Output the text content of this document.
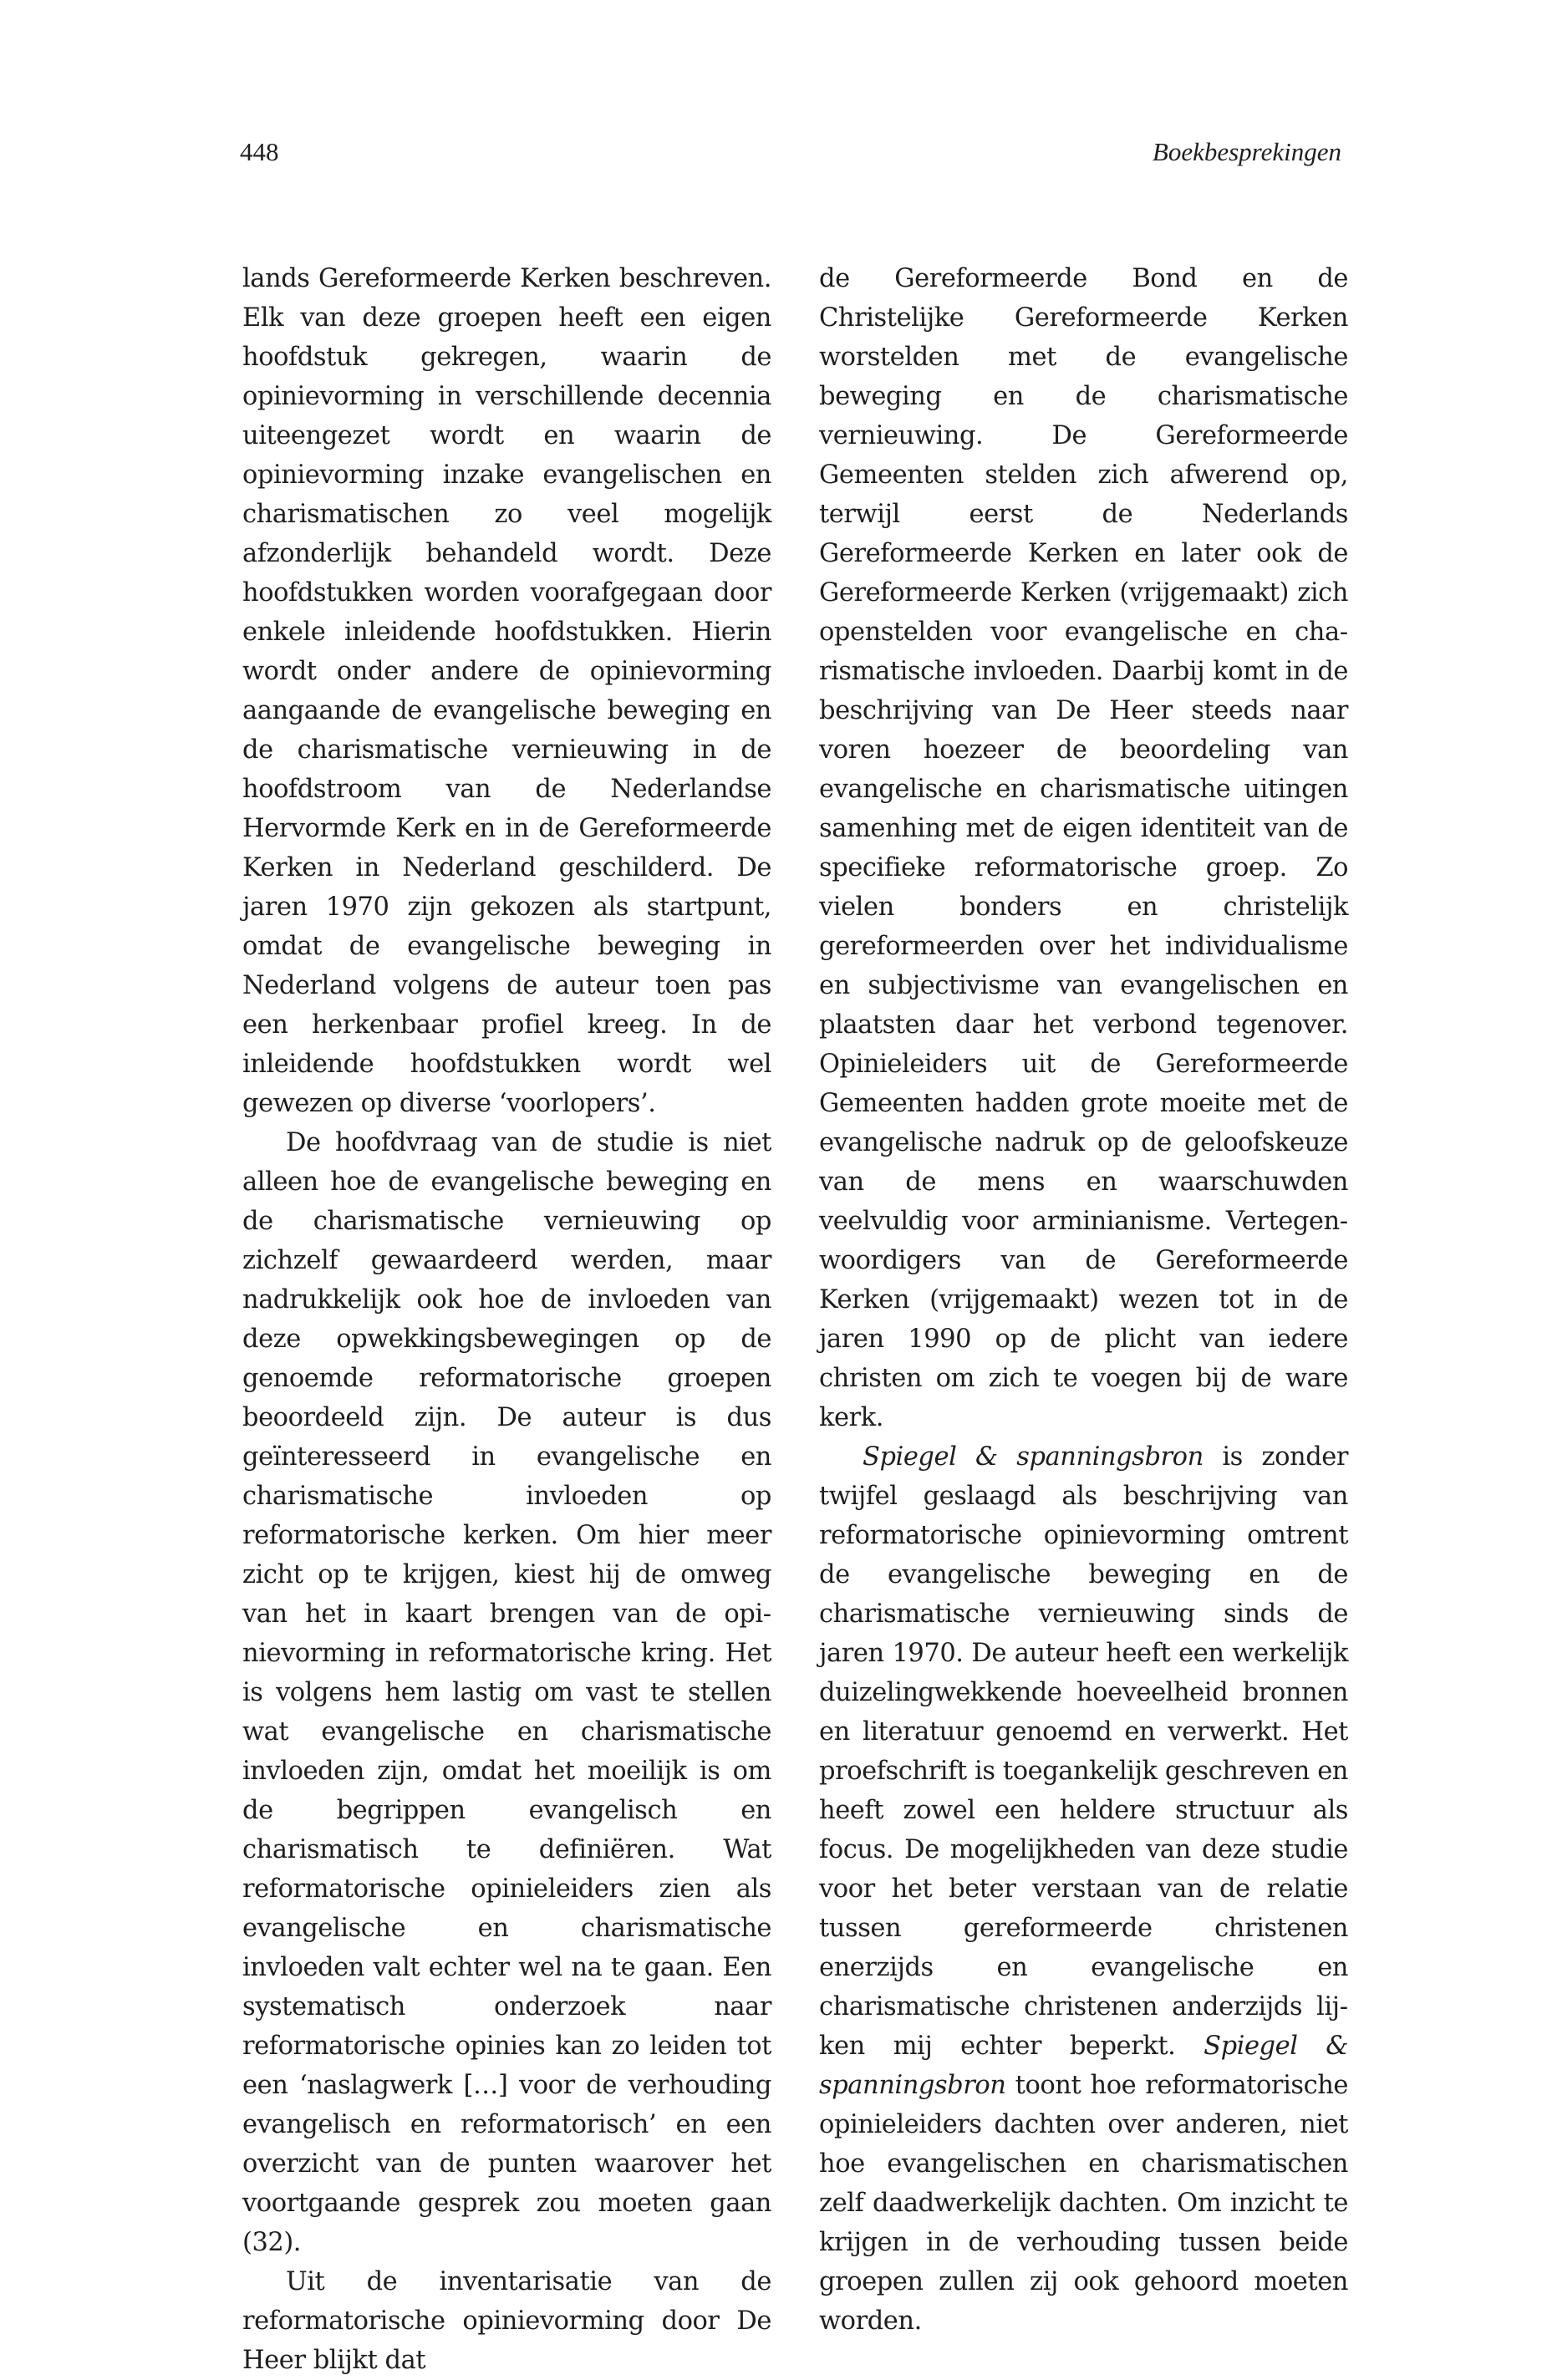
448	Boekbesprekingen

lands Gereformeerde Kerken beschreven. Elk van deze groepen heeft een eigen hoofdstuk gekregen, waarin de opinievorming in verschillende decennia uiteengezet wordt en waarin de opinievorming inzake evangelischen en charismatischen zo veel mogelijk afzonderlijk behandeld wordt. Deze hoofdstukken worden voorafgegaan door enkele inleidende hoofdstukken. Hierin wordt onder andere de opinievorming aangaande de evangelische beweging en de charismatische vernieuwing in de hoofdstroom van de Nederlandse Hervormde Kerk en in de Gereformeerde Kerken in Nederland geschilderd. De jaren 1970 zijn gekozen als startpunt, omdat de evangelische beweging in Nederland volgens de auteur toen pas een herkenbaar profiel kreeg. In de inleidende hoofdstukken wordt wel gewezen op diverse ‘voorlopers’.

De hoofdvraag van de studie is niet alleen hoe de evangelische beweging en de charismatische vernieuwing op zichzelf gewaardeerd werden, maar nadrukkelijk ook hoe de invloeden van deze opwekkingsbewegingen op de genoemde reformatorische groepen beoordeeld zijn. De auteur is dus geïnteresseerd in evangelische en charismatische invloeden op reformatorische kerken. Om hier meer zicht op te krijgen, kiest hij de omweg van het in kaart brengen van de opinievorming in reformatorische kring. Het is volgens hem lastig om vast te stellen wat evangelische en charismatische invloeden zijn, omdat het moeilijk is om de begrippen evangelisch en charismatisch te definiëren. Wat reformatorische opinieleiders zien als evangelische en charismatische invloeden valt echter wel na te gaan. Een systematisch onderzoek naar reformatorische opinies kan zo leiden tot een ‘naslagwerk […] voor de verhouding evangelisch en reformatorisch’ en een overzicht van de punten waarover het voortgaande gesprek zou moeten gaan (32).

Uit de inventarisatie van de reformatorische opinievorming door De Heer blijkt dat

de Gereformeerde Bond en de Christelijke Gereformeerde Kerken worstelden met de evangelische beweging en de charismatische vernieuwing. De Gereformeerde Gemeenten stelden zich afwerend op, terwijl eerst de Nederlands Gereformeerde Kerken en later ook de Gereformeerde Kerken (vrijgemaakt) zich openstelden voor evangelische en charismatische invloeden. Daarbij komt in de beschrijving van De Heer steeds naar voren hoezeer de beoordeling van evangelische en charismatische uitingen samenhing met de eigen identiteit van de specifieke reformatorische groep. Zo vielen bonders en christelijk gereformeerden over het individualisme en subjectivisme van evangelischen en plaatsten daar het verbond tegenover. Opinieleiders uit de Gereformeerde Gemeenten hadden grote moeite met de evangelische nadruk op de geloofskeuze van de mens en waarschuwden veelvuldig voor arminianisme. Vertegenwoordigers van de Gereformeerde Kerken (vrijgemaakt) wezen tot in de jaren 1990 op de plicht van iedere christen om zich te voegen bij de ware kerk.

Spiegel & spanningsbron is zonder twijfel geslaagd als beschrijving van reformatorische opinievorming omtrent de evangelische beweging en de charismatische vernieuwing sinds de jaren 1970. De auteur heeft een werkelijk duizelingwekkende hoeveelheid bronnen en literatuur genoemd en verwerkt. Het proefschrift is toegankelijk geschreven en heeft zowel een heldere structuur als focus. De mogelijkheden van deze studie voor het beter verstaan van de relatie tussen gereformeerde christenen enerzijds en evangelische en charismatische christenen anderzijds lijken mij echter beperkt. Spiegel & spanningsbron toont hoe reformatorische opinieleiders dachten over anderen, niet hoe evangelischen en charismatischen zelf daadwerkelijk dachten. Om inzicht te krijgen in de verhouding tussen beide groepen zullen zij ook gehoord moeten worden.
